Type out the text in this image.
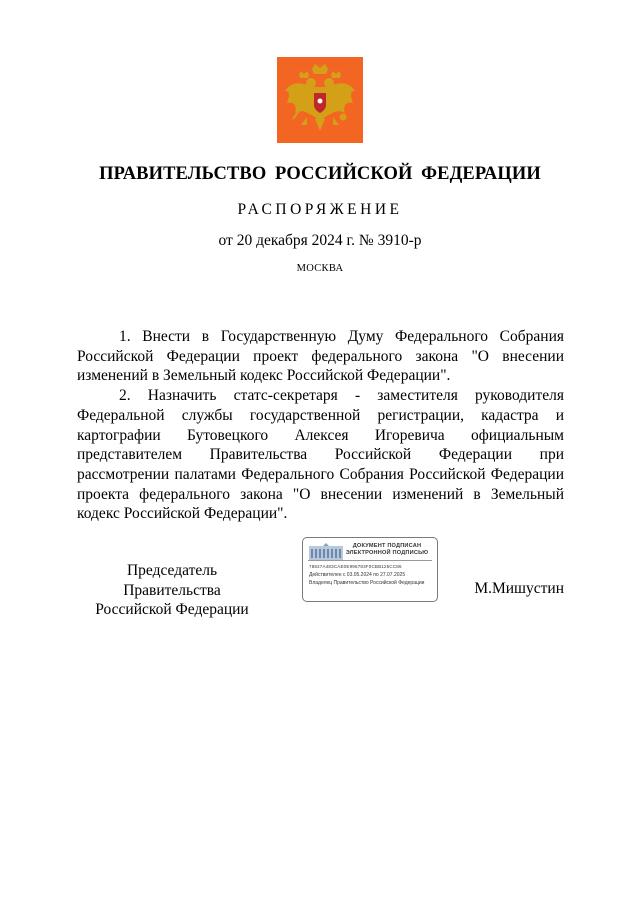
ПРАВИТЕЛЬСТВО РОССИЙСКОЙ ФЕДЕРАЦИИ
РАСПОРЯЖЕНИЕ
от 20 декабря 2024 г. № 3910-р
МОСКВА

1. Внести в Государственную Думу Федерального Собрания Российской Федерации проект федерального закона "О внесении изменений в Земельный кодекс Российской Федерации".

2. Назначить статс-секретаря - заместителя руководителя Федеральной службы государственной регистрации, кадастра и картографии Бутовецкого Алексея Игоревича официальным представителем Правительства Российской Федерации при рассмотрении палатами Федерального Собрания Российской Федерации проекта федерального закона "О внесении изменений в Земельный кодекс Российской Федерации".

Председатель Правительства
Российской Федерации
ДОКУМЕНТ ПОДПИСАН
ЭЛЕКТРОННОЙ ПОДПИСЬЮ
78827A483CAE0E996783F0CBB125CC86
Действителен с 03.05.2024 по 27.07.2025
Владелец Правительство Российской Федерации	М.Мишустин
